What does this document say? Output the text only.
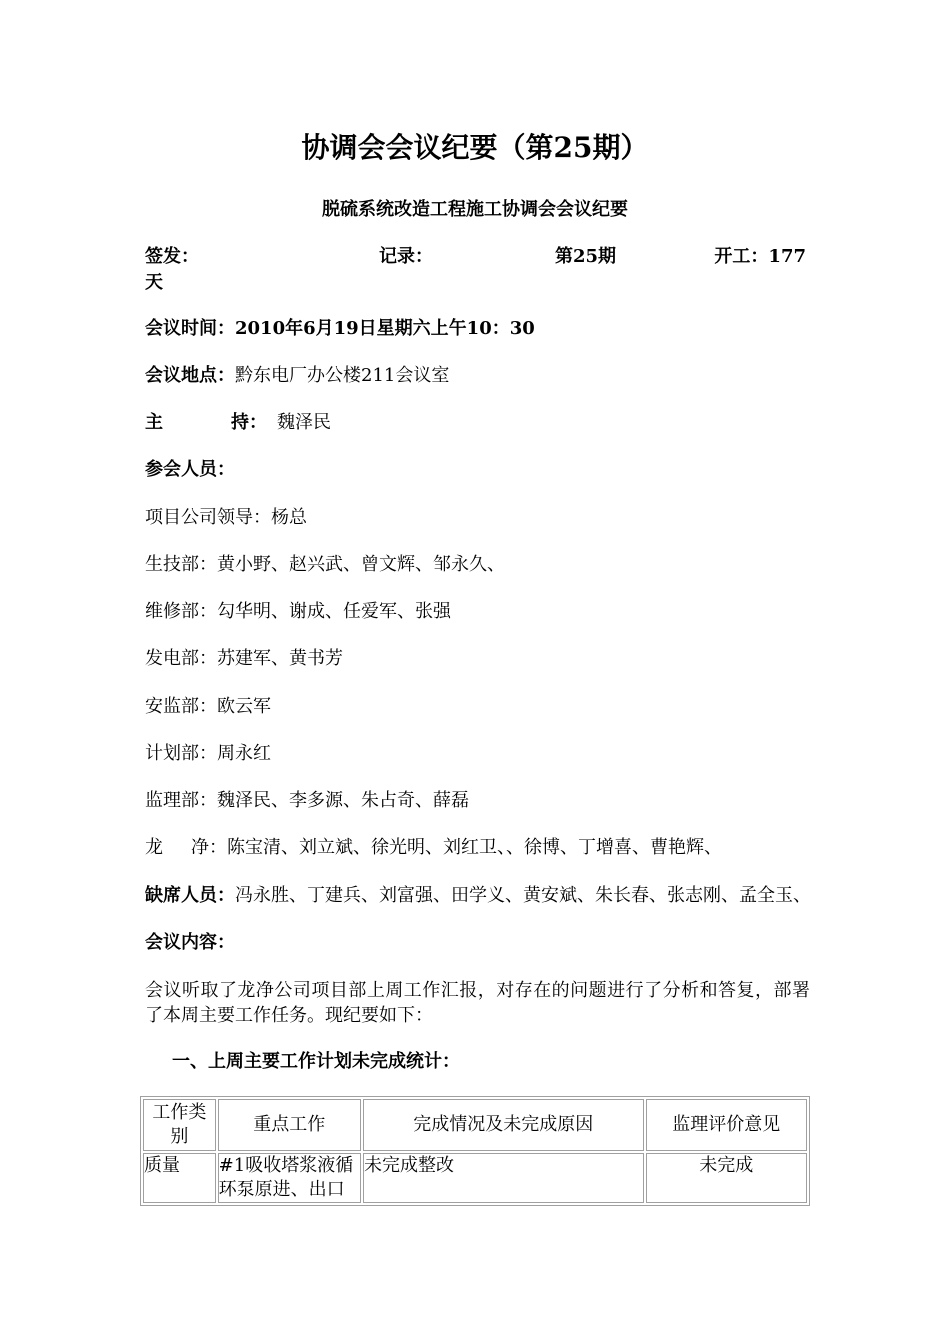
协调会会议纪要（第25期）
脱硫系统改造工程施工协调会会议纪要
签发：	记录：	第25期	开工：177
天
会议时间：2010年6月19日星期六上午10：30
会议地点：黔东电厂办公楼211会议室
主	持： 魏泽民
参会人员：
项目公司领导：杨总
生技部：黄小野、赵兴武、曾文辉、邹永久、
维修部：勾华明、谢成、任爱军、张强
发电部：苏建军、黄书芳
安监部：欧云军
计划部：周永红
监理部：魏泽民、李多源、朱占奇、薛磊
龙 净：陈宝清、刘立斌、徐光明、刘红卫、、徐博、丁增喜、曹艳辉、
缺席人员：冯永胜、丁建兵、刘富强、田学义、黄安斌、朱长春、张志刚、孟全玉、
会议内容：
会议听取了龙净公司项目部上周工作汇报，对存在的问题进行了分析和答复，部署了本周主要工作任务。现纪要如下：
一、上周主要工作计划未完成统计：
工作类别	重点工作	完成情况及未完成原因	监理评价意见
质量	#1吸收塔浆液循环泵原进、出口	未完成整改	未完成
